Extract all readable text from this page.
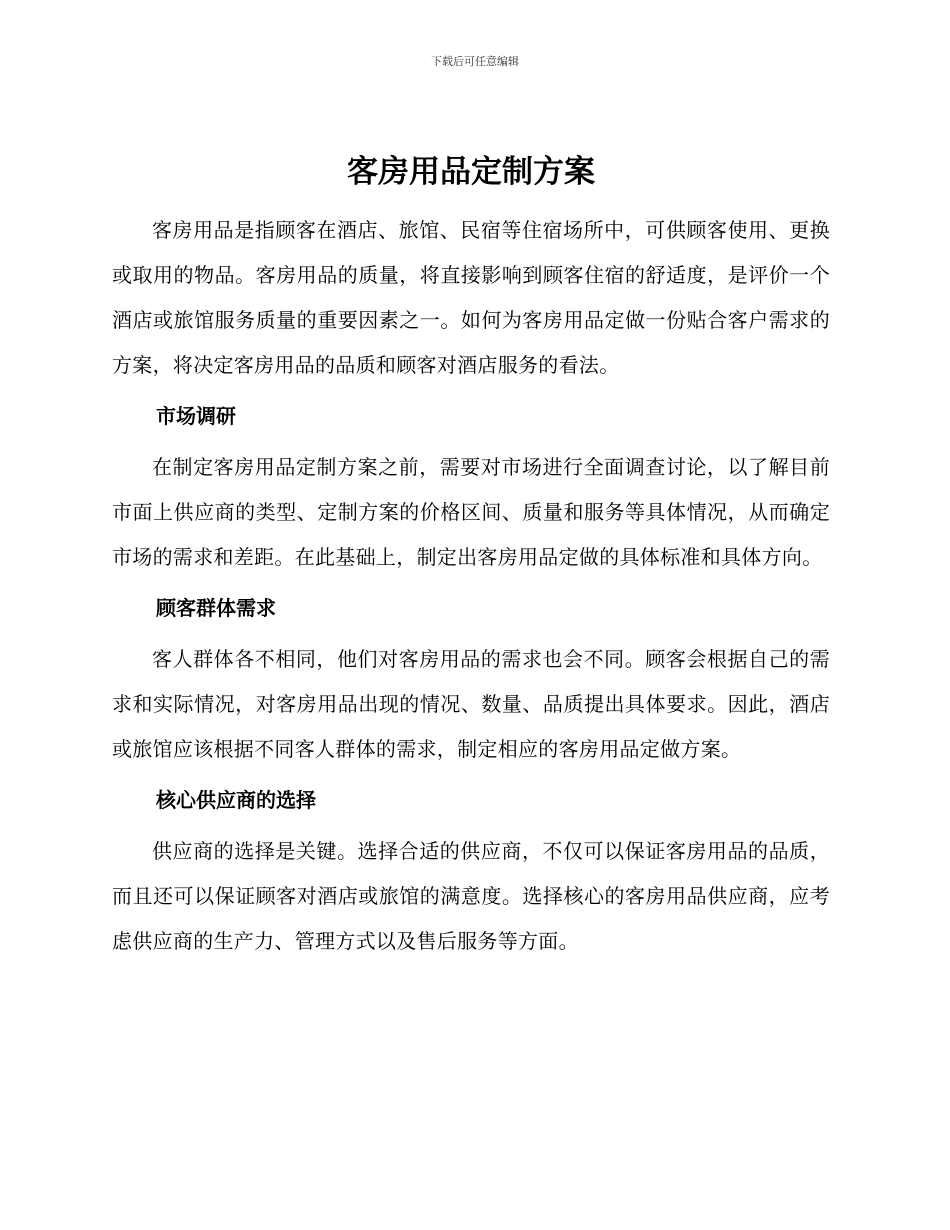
下载后可任意编辑
客房用品定制方案

客房用品是指顾客在酒店、旅馆、民宿等住宿场所中，可供顾客使用、更换或取用的物品。客房用品的质量，将直接影响到顾客住宿的舒适度，是评价一个酒店或旅馆服务质量的重要因素之一。如何为客房用品定做一份贴合客户需求的方案，将决定客房用品的品质和顾客对酒店服务的看法。

市场调研

在制定客房用品定制方案之前，需要对市场进行全面调查讨论，以了解目前市面上供应商的类型、定制方案的价格区间、质量和服务等具体情况，从而确定市场的需求和差距。在此基础上，制定出客房用品定做的具体标准和具体方向。

顾客群体需求

客人群体各不相同，他们对客房用品的需求也会不同。顾客会根据自己的需求和实际情况，对客房用品出现的情况、数量、品质提出具体要求。因此，酒店或旅馆应该根据不同客人群体的需求，制定相应的客房用品定做方案。

核心供应商的选择

供应商的选择是关键。选择合适的供应商，不仅可以保证客房用品的品质，而且还可以保证顾客对酒店或旅馆的满意度。选择核心的客房用品供应商，应考虑供应商的生产力、管理方式以及售后服务等方面。
